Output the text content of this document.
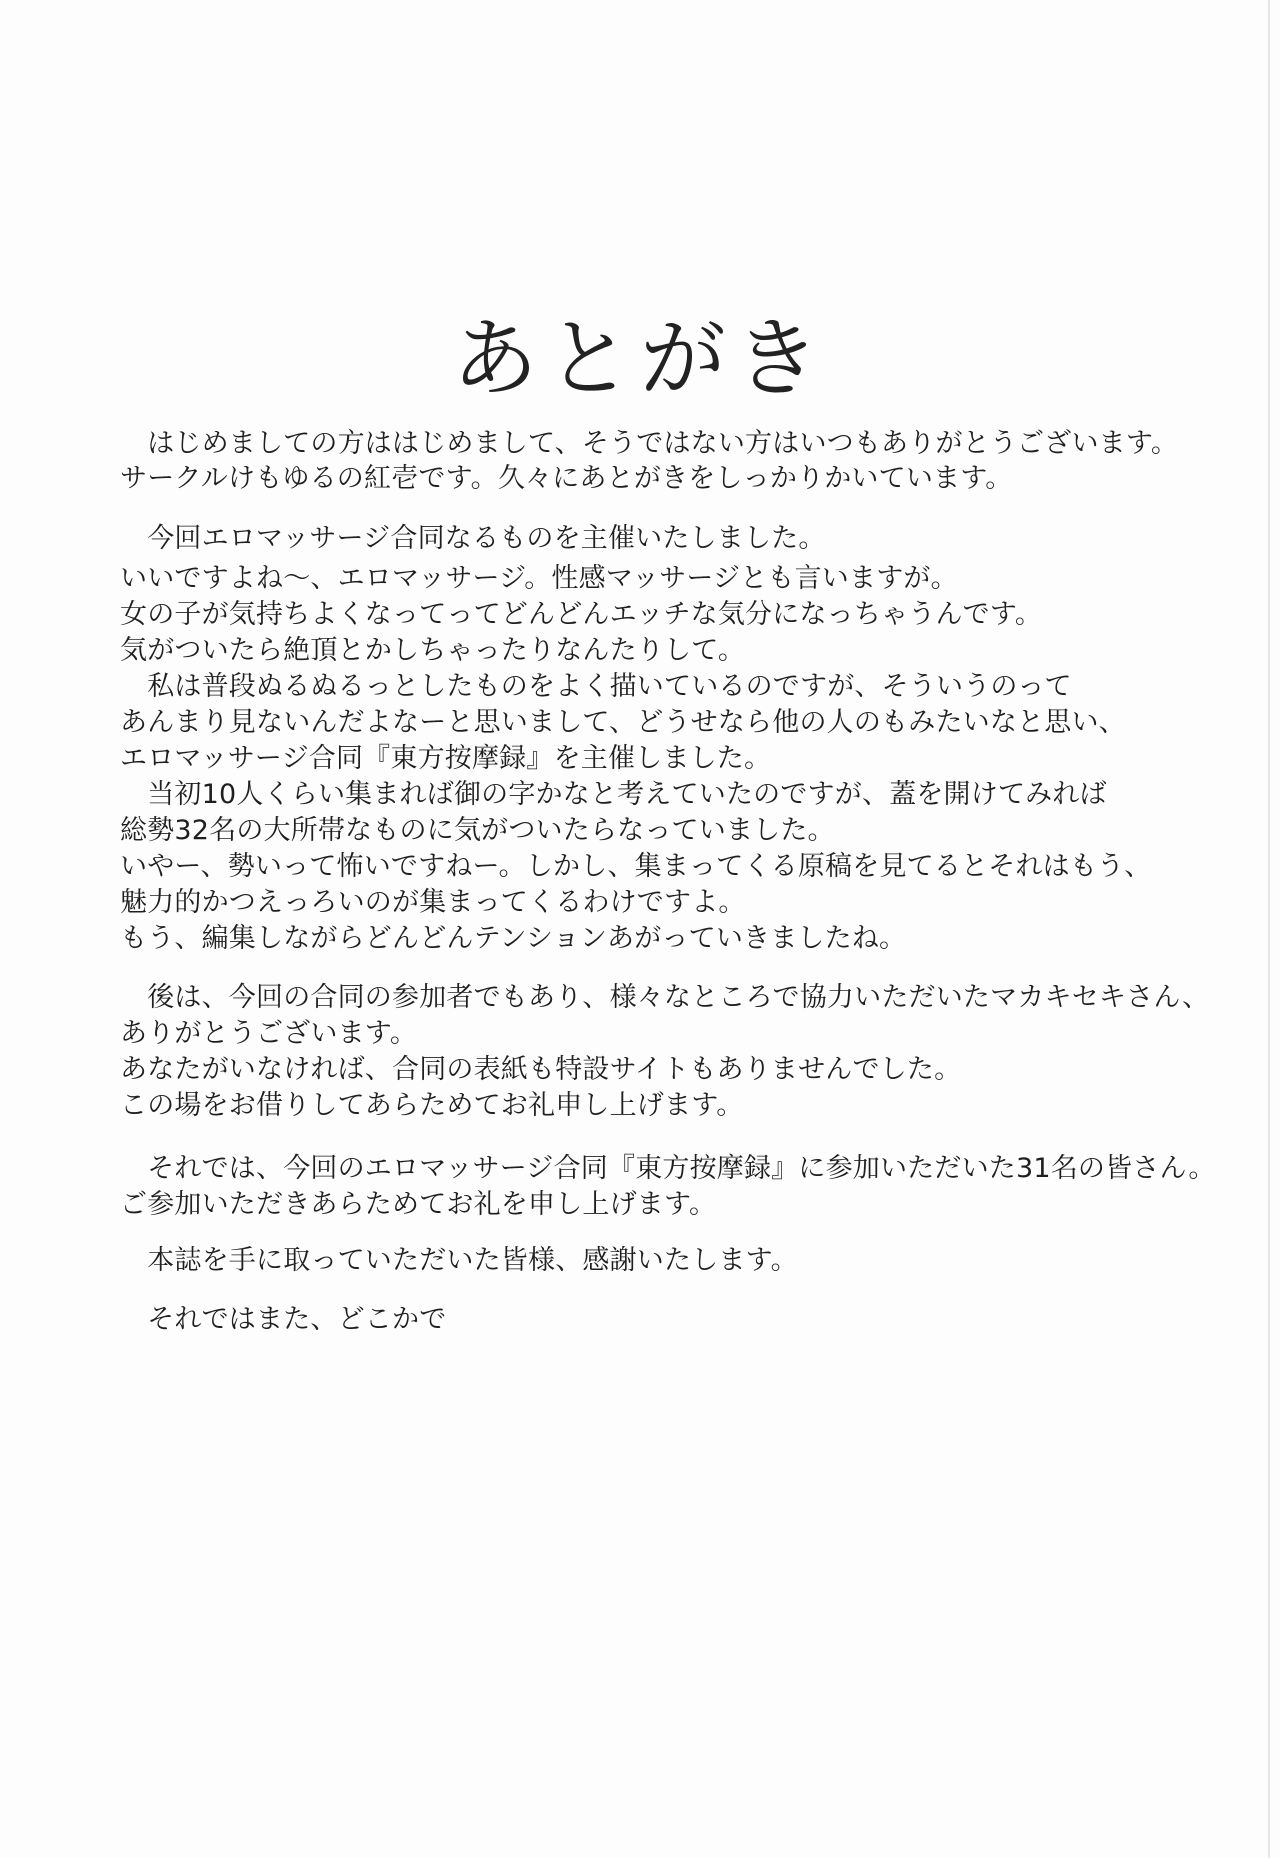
あとがき
　はじめましての方ははじめまして、そうではない方はいつもありがとうございます。
サークルけもゆるの紅壱です。久々にあとがきをしっかりかいています。
　今回エロマッサージ合同なるものを主催いたしました。
いいですよね〜、エロマッサージ。性感マッサージとも言いますが。
女の子が気持ちよくなってってどんどんエッチな気分になっちゃうんです。
気がついたら絶頂とかしちゃったりなんたりして。
　私は普段ぬるぬるっとしたものをよく描いているのですが、そういうのって
あんまり見ないんだよなーと思いまして、どうせなら他の人のもみたいなと思い、
エロマッサージ合同『東方按摩録』を主催しました。
　当初10人くらい集まれば御の字かなと考えていたのですが、蓋を開けてみれば
総勢32名の大所帯なものに気がついたらなっていました。
いやー、勢いって怖いですねー。しかし、集まってくる原稿を見てるとそれはもう、
魅力的かつえっろいのが集まってくるわけですよ。
もう、編集しながらどんどんテンションあがっていきましたね。
　後は、今回の合同の参加者でもあり、様々なところで協力いただいたマカキセキさん、
ありがとうございます。
あなたがいなければ、合同の表紙も特設サイトもありませんでした。
この場をお借りしてあらためてお礼申し上げます。
　それでは、今回のエロマッサージ合同『東方按摩録』に参加いただいた31名の皆さん。
ご参加いただきあらためてお礼を申し上げます。
　本誌を手に取っていただいた皆様、感謝いたします。
　それではまた、どこかで
